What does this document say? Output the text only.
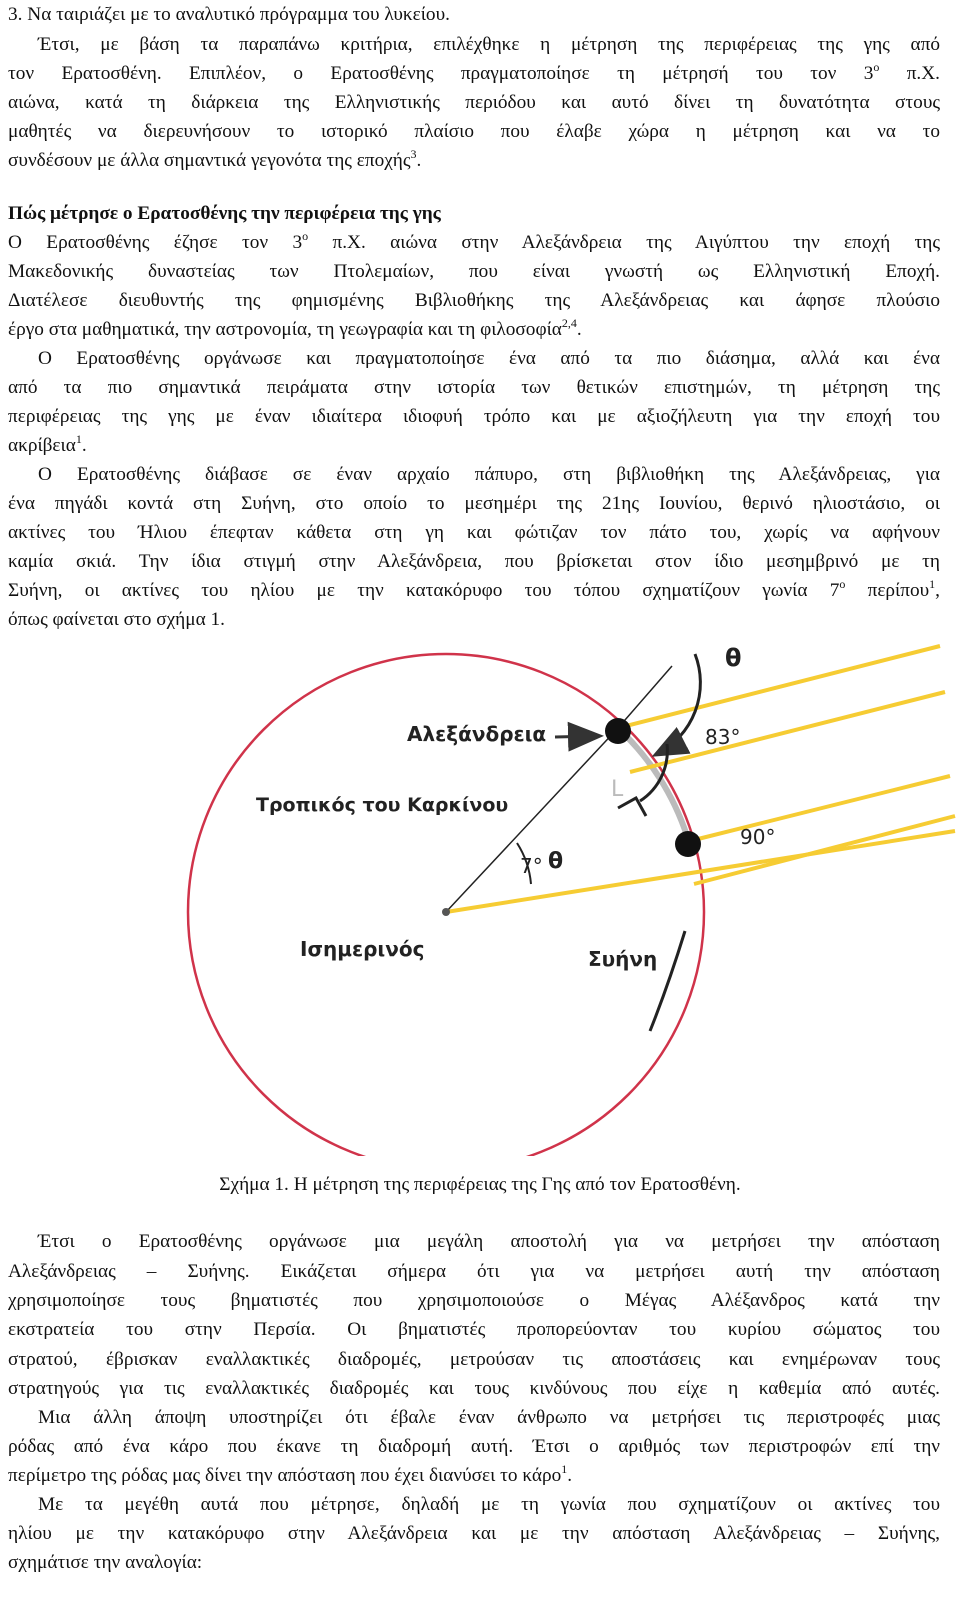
3. Να ταιριάζει με το αναλυτικό πρόγραμμα του λυκείου.
Έτσι, με βάση τα παραπάνω κριτήρια, επιλέχθηκε η μέτρηση της περιφέρειας της γης από
τον Ερατοσθένη. Επιπλέον, ο Ερατοσθένης πραγματοποίησε τη μέτρησή του τον $3^o$ π.Χ.
αιώνα, κατά τη διάρκεια της Ελληνιστικής περιόδου και αυτό δίνει τη δυνατότητα στους
μαθητές να διερευνήσουν το ιστορικό πλαίσιο που έλαβε χώρα η μέτρηση και να το
συνδέσουν με άλλα σημαντικά γεγονότα της εποχής$^3$.
Πώς μέτρησε ο Ερατοσθένης την περιφέρεια της γης
Ο Ερατοσθένης έζησε τον $3^o$ π.Χ. αιώνα στην Αλεξάνδρεια της Αιγύπτου την εποχή της
Μακεδονικής δυναστείας των Πτολεμαίων, που είναι γνωστή ως Ελληνιστική Εποχή.
Διατέλεσε διευθυντής της φημισμένης Βιβλιοθήκης της Αλεξάνδρειας και άφησε πλούσιο
έργο στα μαθηματικά, την αστρονομία, τη γεωγραφία και τη φιλοσοφία$^{2,4}$.
Ο Ερατοσθένης οργάνωσε και πραγματοποίησε ένα από τα πιο διάσημα, αλλά και ένα
από τα πιο σημαντικά πειράματα στην ιστορία των θετικών επιστημών, τη μέτρηση της
περιφέρειας της γης με έναν ιδιαίτερα ιδιοφυή τρόπο και με αξιοζήλευτη για την εποχή του
ακρίβεια$^1$.
Ο Ερατοσθένης διάβασε σε έναν αρχαίο πάπυρο, στη βιβλιοθήκη της Αλεξάνδρειας, για
ένα πηγάδι κοντά στη Συήνη, στο οποίο το μεσημέρι της 21ης Ιουνίου, θερινό ηλιοστάσιο, οι
ακτίνες του Ήλιου έπεφταν κάθετα στη γη και φώτιζαν τον πάτο του, χωρίς να αφήνουν
καμία σκιά. Την ίδια στιγμή στην Αλεξάνδρεια, που βρίσκεται στον ίδιο μεσημβρινό με τη
Συήνη, οι ακτίνες του ηλίου με την κατακόρυφο του τόπου σχηματίζουν γωνία $7^o$ περίπου$^1$,
όπως φαίνεται στο σχήμα 1.
θ
Αλεξάνδρεια	83°
L
Τροπικός του Καρκίνου
90°
7° θ
Ισημερινός	Συήνη
Σχήμα 1. Η μέτρηση της περιφέρειας της Γης από τον Ερατοσθένη.
Έτσι ο Ερατοσθένης οργάνωσε μια μεγάλη αποστολή για να μετρήσει την απόσταση
Αλεξάνδρειας – Συήνης. Εικάζεται σήμερα ότι για να μετρήσει αυτή την απόσταση
χρησιμοποίησε τους βηματιστές που χρησιμοποιούσε ο Μέγας Αλέξανδρος κατά την
εκστρατεία του στην Περσία. Οι βηματιστές προπορεύονταν του κυρίου σώματος του
στρατού, έβρισκαν εναλλακτικές διαδρομές, μετρούσαν τις αποστάσεις και ενημέρωναν τους
στρατηγούς για τις εναλλακτικές διαδρομές και τους κινδύνους που είχε η καθεμία από αυτές.
Μια άλλη άποψη υποστηρίζει ότι έβαλε έναν άνθρωπο να μετρήσει τις περιστροφές μιας
ρόδας από ένα κάρο που έκανε τη διαδρομή αυτή. Έτσι ο αριθμός των περιστροφών επί την
περίμετρο της ρόδας μας δίνει την απόσταση που έχει διανύσει το κάρο$^1$.
Με τα μεγέθη αυτά που μέτρησε, δηλαδή με τη γωνία που σχηματίζουν οι ακτίνες του
ηλίου με την κατακόρυφο στην Αλεξάνδρεια και με την απόσταση Αλεξάνδρειας – Συήνης,
σχημάτισε την αναλογία:
